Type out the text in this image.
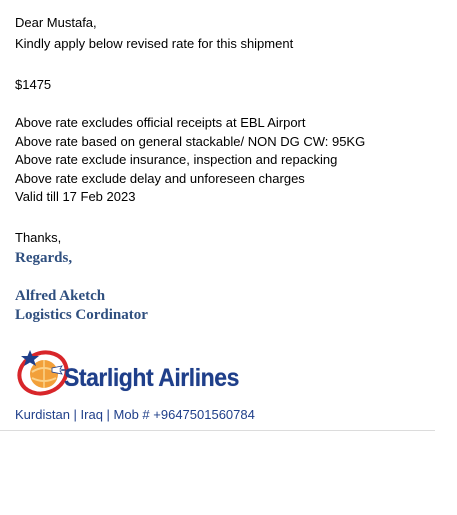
Dear Mustafa,
Kindly apply below revised rate for this shipment
$1475
Above rate excludes official receipts at EBL Airport
Above rate based on general stackable/ NON DG CW: 95KG
Above rate exclude insurance, inspection and repacking
Above rate exclude delay and unforeseen charges
Valid till 17 Feb 2023
Thanks,
Regards,
Alfred Aketch
Logistics Cordinator
Starlight Airlines
Kurdistan | Iraq | Mob # +9647501560784
